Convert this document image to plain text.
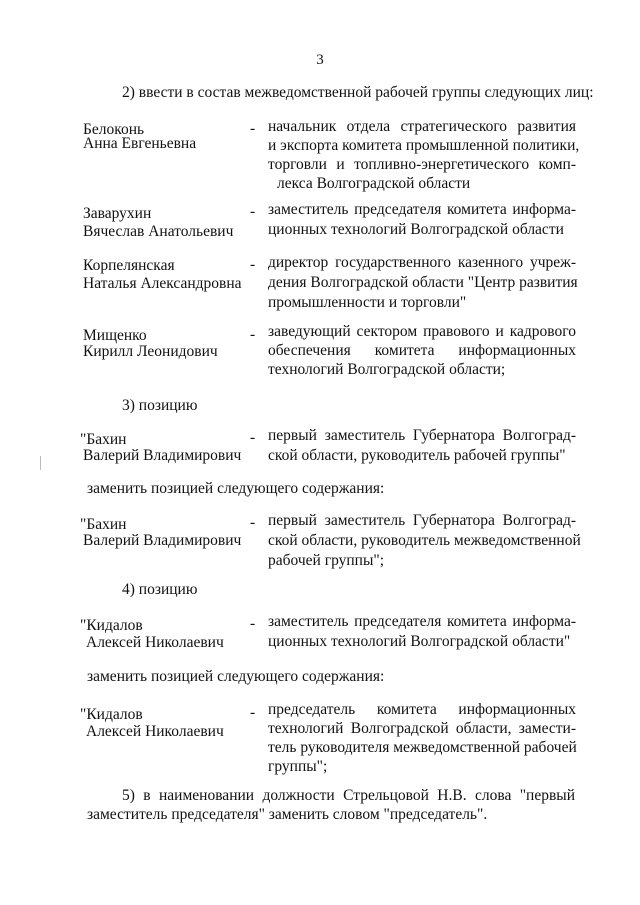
3
2) ввести в состав межведомственной рабочей группы следующих лиц:
Белоконь
Анна Евгеньевна
- начальник отдела стратегического развития
и экспорта комитета промышленной политики,
торговли и топливно-энергетического комп-
лекса Волгоградской области
Заварухин
Вячеслав Анатольевич
- заместитель председателя комитета информа-
ционных технологий Волгоградской области
Корпелянская
Наталья Александровна
- директор государственного казенного учреж-
дения Волгоградской области "Центр развития
промышленности и торговли"
Мищенко
Кирилл Леонидович
- заведующий сектором правового и кадрового
обеспечения комитета информационных
технологий Волгоградской области;
3) позицию
"Бахин
Валерий Владимирович
- первый заместитель Губернатора Волгоград-
ской области, руководитель рабочей группы"
заменить позицией следующего содержания:
"Бахин
Валерий Владимирович
- первый заместитель Губернатора Волгоград-
ской области, руководитель межведомственной
рабочей группы";
4) позицию
"Кидалов
Алексей Николаевич
- заместитель председателя комитета информа-
ционных технологий Волгоградской области"
заменить позицией следующего содержания:
"Кидалов
Алексей Николаевич
- председатель комитета информационных
технологий Волгоградской области, замести-
тель руководителя межведомственной рабочей
группы";
5) в наименовании должности Стрельцовой Н.В. слова "первый
заместитель председателя" заменить словом "председатель".
